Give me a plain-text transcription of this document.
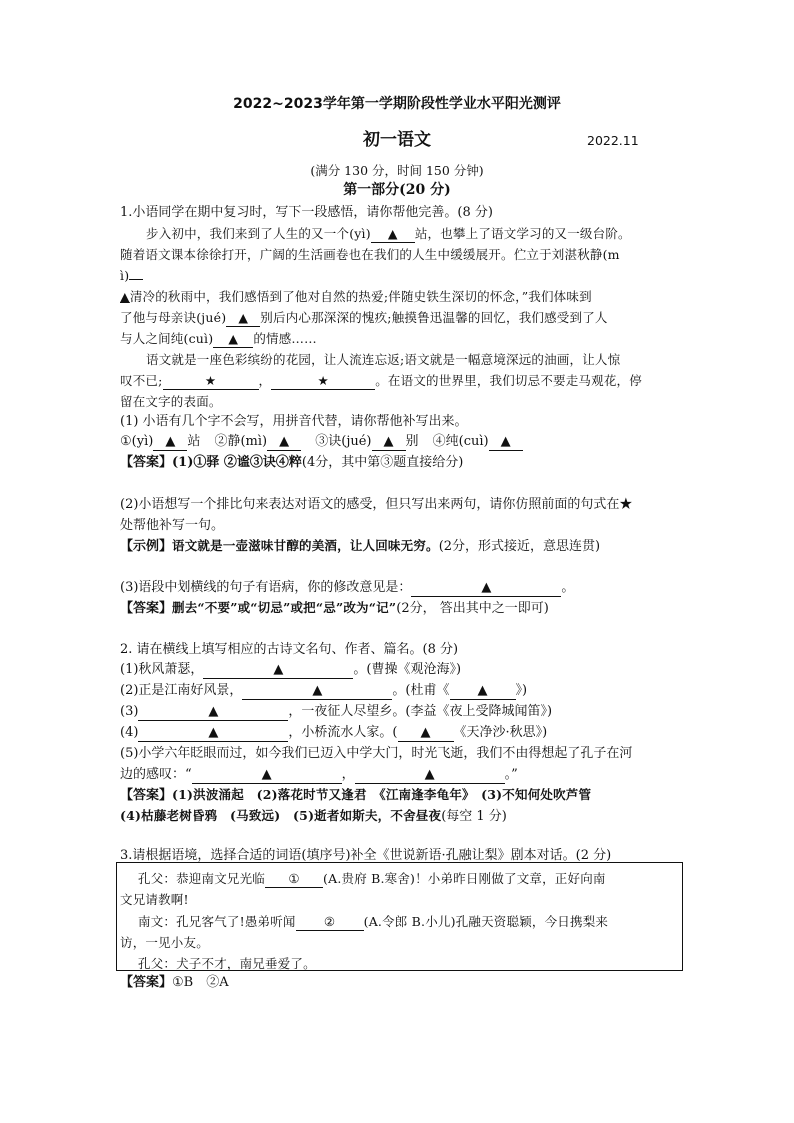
2022~2023学年第一学期阶段性学业水平阳光测评
初一语文	2022.11
(满分 130 分，时间 150 分钟)
第一部分(20 分)
1.小语同学在期中复习时，写下一段感悟，请你帮他完善。(8 分)
步入初中，我们来到了人生的又一个(yì) ▲ 站，也攀上了语文学习的又一级台阶。
随着语文课本徐徐打开，广阔的生活画卷也在我们的人生中缓缓展开。伫立于刘湛秋静(m
ì)
▲清冷的秋雨中，我们感悟到了他对自然的热爱;伴随史铁生深切的怀念，”我们体味到
了他与母亲诀(jué) ▲ 别后内心那深深的愧疚;触摸鲁迅温馨的回忆，我们感受到了人
与人之间纯(cuì) ▲ 的情感……
语文就是一座色彩缤纷的花园，让人流连忘返;语文就是一幅意境深远的油画，让人惊
叹不已;	★	，	★	。在语文的世界里，我们切忌不要走马观花，停
留在文字的表面。
(1) 小语有几个字不会写，用拼音代替，请你帮他补写出来。
①(yì) ▲ 站 ②静(mì) ▲ ③诀(jué) ▲ 别 ④纯(cuì) ▲
【答案】(1)①驿 ②谧③诀④粹(4分，其中第③题直接给分)
(2)小语想写一个排比句来表达对语文的感受，但只写出来两句，请你仿照前面的句式在★
处帮他补写一句。
【示例】语文就是一壶滋味甘醇的美酒，让人回味无穷。(2分，形式接近，意思连贯)
(3)语段中划横线的句子有语病，你的修改意见是：	▲	。
【答案】删去“不要”或“切忌”或把“忌”改为“记”(2分， 答出其中之一即可)
2. 请在横线上填写相应的古诗文名句、作者、篇名。(8 分)
(1)秋风萧瑟，	▲	。(曹操《观沧海》)
(2)正是江南好风景，	▲	。(杜甫《 ▲ 》)
(3)	▲	，一夜征人尽望乡。(李益《夜上受降城闻笛》)
(4)	▲	，小桥流水人家。( ▲ 《天净沙·秋思》)
(5)小学六年眨眼而过，如今我们已迈入中学大门，时光飞逝，我们不由得想起了孔子在河
边的感叹：“	▲	，	▲	。”
【答案】(1)洪波涌起　(2)落花时节又逢君　《江南逢李龟年》　(3)不知何处吹芦管
(4)枯藤老树昏鸦　(马致远)　(5)逝者如斯夫，不舍昼夜(每空 1 分)
3.请根据语境，选择合适的词语(填序号)补全《世说新语·孔融让梨》剧本对话。(2 分)
孔父：恭迎南文兄光临 ① (A.贵府 B.寒舍)！小弟昨日刚做了文章，正好向南
文兄请教啊!
南文：孔兄客气了!愚弟听闻 ② (A.令郎 B.小儿)孔融天资聪颖，今日携梨来
访，一见小友。
孔父：犬子不才，南兄垂爱了。
【答案】①B　②A
